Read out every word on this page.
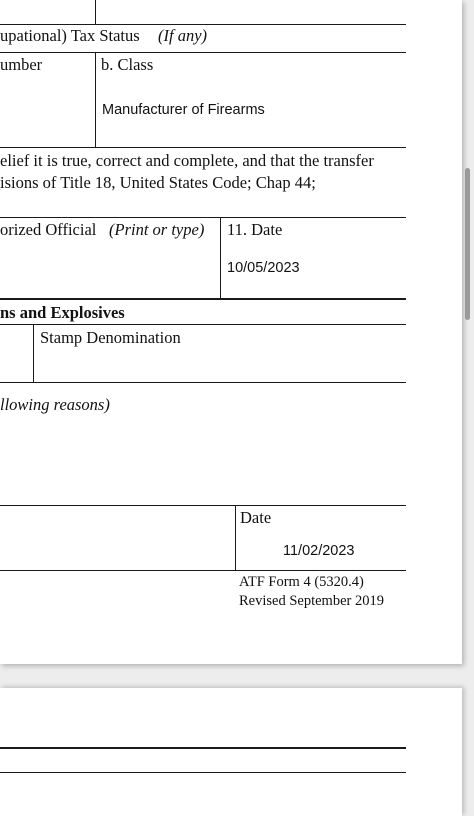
upational) Tax Status (If any)
umber	b. Class
Manufacturer of Firearms
elief it is true, correct and complete, and that the transfer
isions of Title 18, United States Code; Chap 44;
orized Official (Print or type) 11. Date
10/05/2023
ns and Explosives
Stamp Denomination
llowing reasons)
Date
11/02/2023
ATF Form 4 (5320.4)
Revised September 2019
